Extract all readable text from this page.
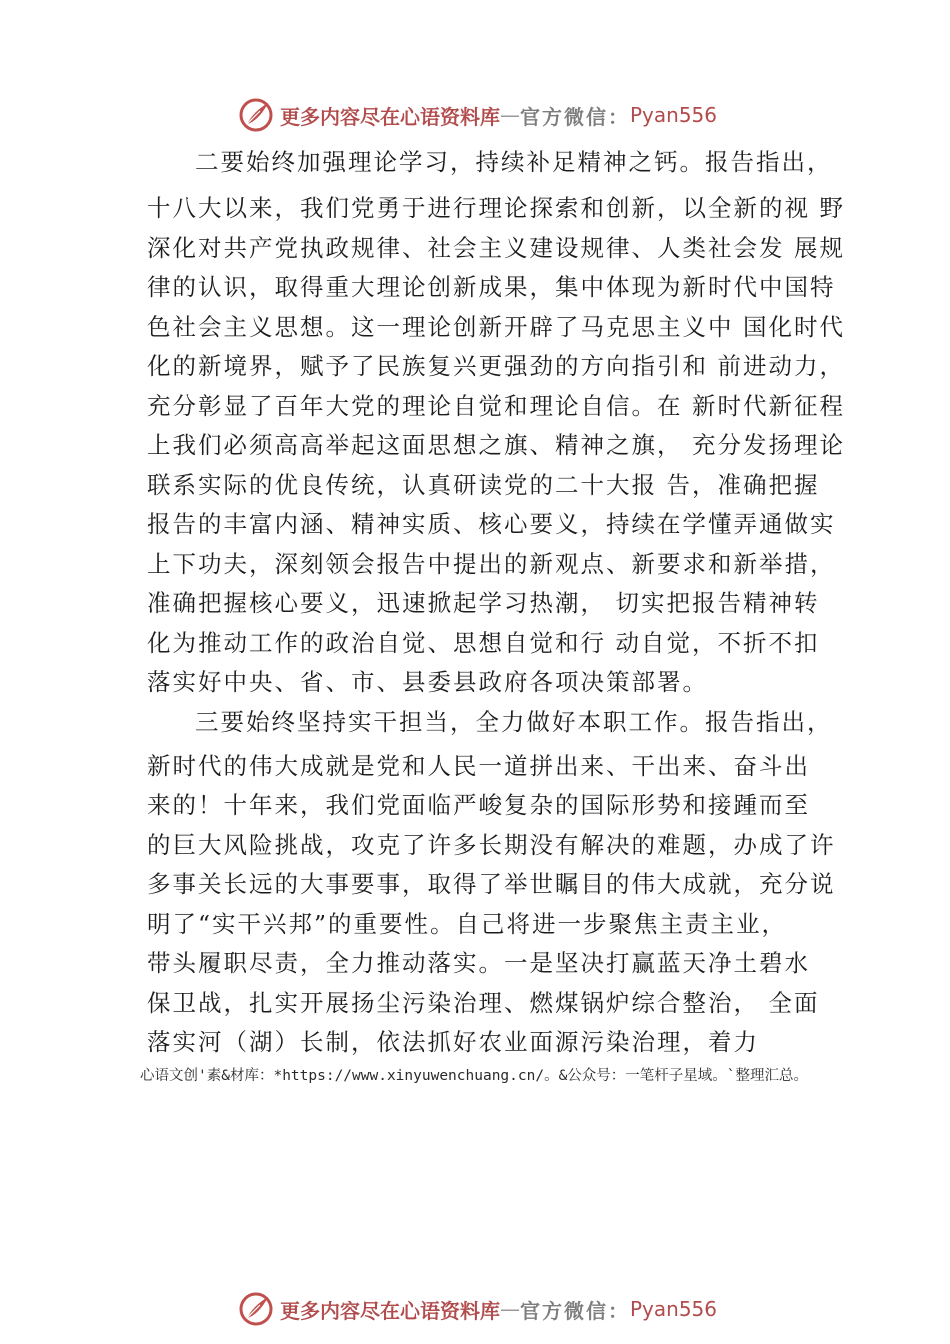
更多内容尽在心语资料库 — 官方微信： Pyan556
二要始终加强理论学习，持续补足精神之钙。报告指出，
十八大以来，我们党勇于进行理论探索和创新，以全新的视 野
深化对共产党执政规律、社会主义建设规律、人类社会发 展规
律的认识，取得重大理论创新成果，集中体现为新时代中国特
色社会主义思想。这一理论创新开辟了马克思主义中 国化时代
化的新境界，赋予了民族复兴更强劲的方向指引和 前进动力，
充分彰显了百年大党的理论自觉和理论自信。在 新时代新征程
上我们必须高高举起这面思想之旗、精神之旗， 充分发扬理论
联系实际的优良传统，认真研读党的二十大报 告，准确把握
报告的丰富内涵、精神实质、核心要义，持续在学懂弄通做实
上下功夫，深刻领会报告中提出的新观点、新要求和新举措，
准确把握核心要义，迅速掀起学习热潮， 切实把报告精神转
化为推动工作的政治自觉、思想自觉和行 动自觉，不折不扣
落实好中央、省、市、县委县政府各项决策部署。
三要始终坚持实干担当，全力做好本职工作。报告指出，
新时代的伟大成就是党和人民一道拼出来、干出来、奋斗出
来的！十年来，我们党面临严峻复杂的国际形势和接踵而至
的巨大风险挑战，攻克了许多长期没有解决的难题，办成了许
多事关长远的大事要事，取得了举世瞩目的伟大成就，充分说
明了“实干兴邦”的重要性。自己将进一步聚焦主责主业，
带头履职尽责，全力推动落实。一是坚决打赢蓝天净土碧水
保卫战，扎实开展扬尘污染治理、燃煤锅炉综合整治， 全面
落实河（湖）长制，依法抓好农业面源污染治理，着力
心语文创'素&材库：*https://www.xinyuwenchuang.cn/。&公众号：一笔杆子星域。`整理汇总。
更多内容尽在心语资料库 — 官方微信： Pyan556
